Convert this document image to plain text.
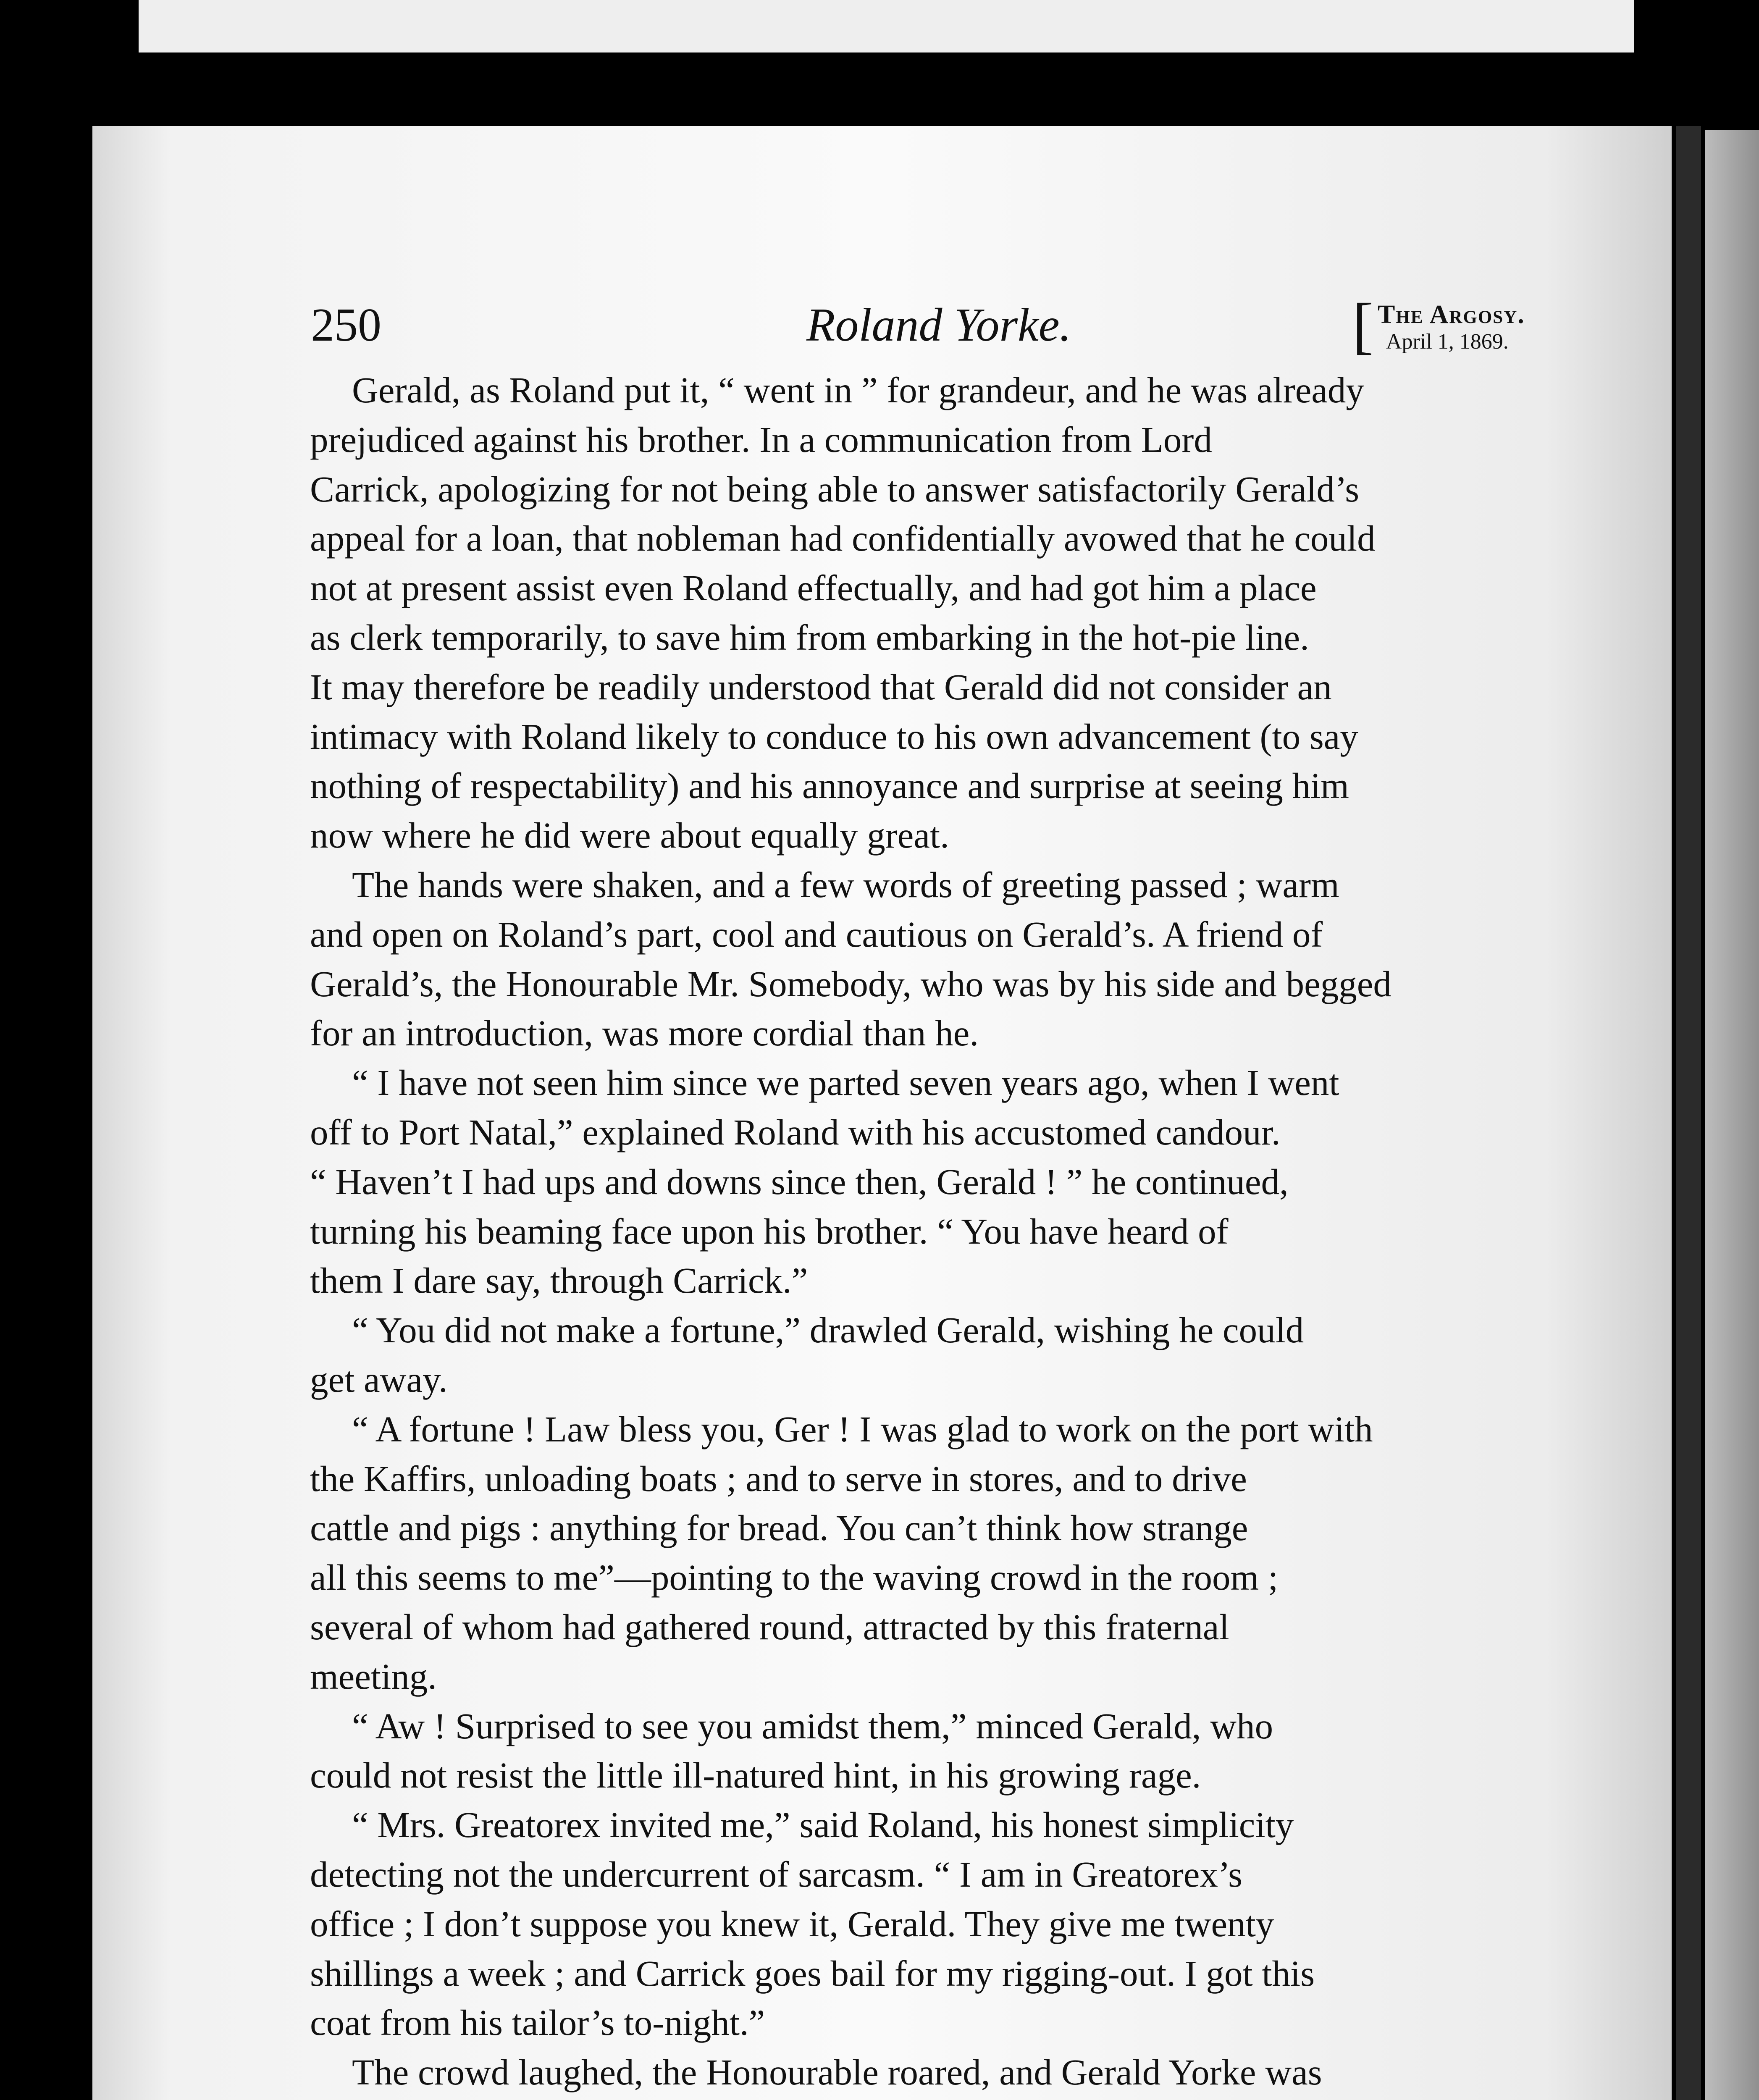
250	Roland Yorke.	[ The Argosy.
April 1, 1869.

Gerald, as Roland put it, “ went in ” for grandeur, and he was already
prejudiced against his brother. In a communication from Lord
Carrick, apologizing for not being able to answer satisfactorily Gerald’s
appeal for a loan, that nobleman had confidentially avowed that he could
not at present assist even Roland effectually, and had got him a place
as clerk temporarily, to save him from embarking in the hot-pie line.
It may therefore be readily understood that Gerald did not consider an
intimacy with Roland likely to conduce to his own advancement (to say
nothing of respectability) and his annoyance and surprise at seeing him
now where he did were about equally great.

The hands were shaken, and a few words of greeting passed ; warm
and open on Roland’s part, cool and cautious on Gerald’s. A friend of
Gerald’s, the Honourable Mr. Somebody, who was by his side and begged
for an introduction, was more cordial than he.

“ I have not seen him since we parted seven years ago, when I went
off to Port Natal,” explained Roland with his accustomed candour.
“ Haven’t I had ups and downs since then, Gerald ! ” he continued,
turning his beaming face upon his brother. “ You have heard of
them I dare say, through Carrick.”

“ You did not make a fortune,” drawled Gerald, wishing he could
get away.

“ A fortune ! Law bless you, Ger ! I was glad to work on the port with
the Kaffirs, unloading boats ; and to serve in stores, and to drive
cattle and pigs : anything for bread. You can’t think how strange
all this seems to me”—pointing to the waving crowd in the room ;
several of whom had gathered round, attracted by this fraternal
meeting.

“ Aw ! Surprised to see you amidst them,” minced Gerald, who
could not resist the little ill-natured hint, in his growing rage.

“ Mrs. Greatorex invited me,” said Roland, his honest simplicity
detecting not the undercurrent of sarcasm. “ I am in Greatorex’s
office ; I don’t suppose you knew it, Gerald. They give me twenty
shillings a week ; and Carrick goes bail for my rigging-out. I got this
coat from his tailor’s to-night.”

The crowd laughed, the Honourable roared, and Gerald Yorke was
